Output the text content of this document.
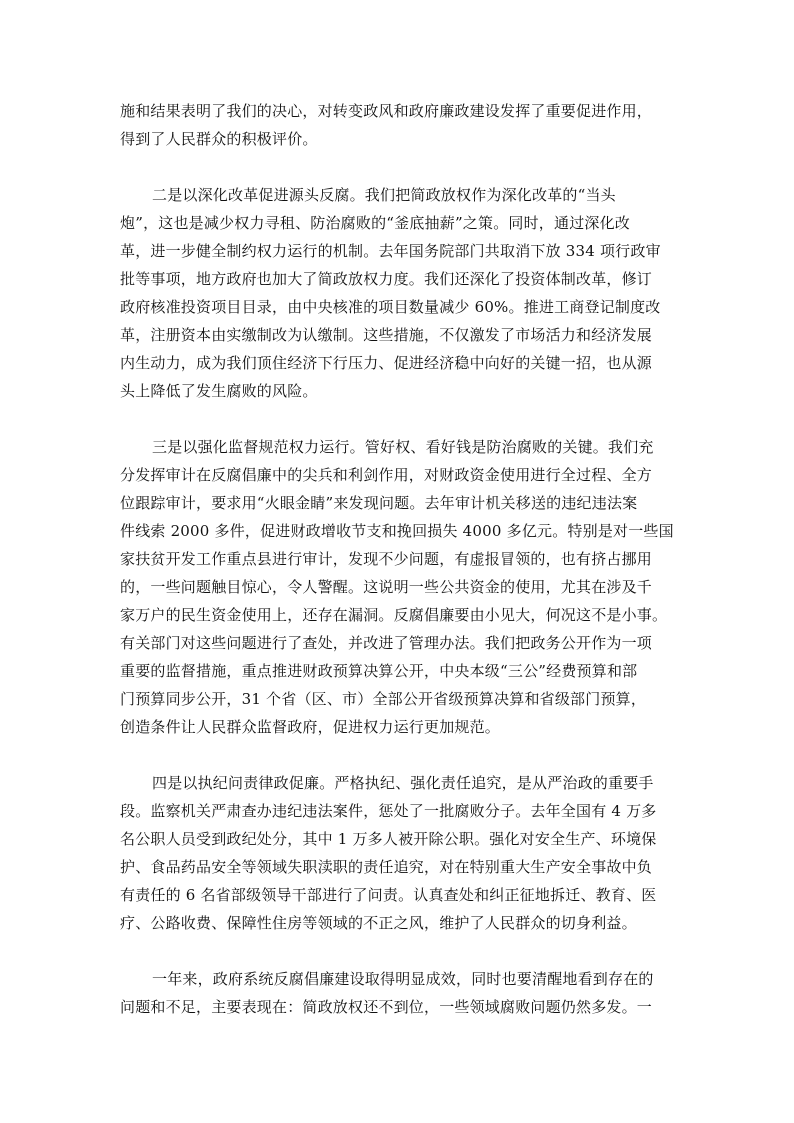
施和结果表明了我们的决心，对转变政风和政府廉政建设发挥了重要促进作用，
得到了人民群众的积极评价。
二是以深化改革促进源头反腐。我们把简政放权作为深化改革的“当头
炮”，这也是减少权力寻租、防治腐败的“釜底抽薪”之策。同时，通过深化改
革，进一步健全制约权力运行的机制。去年国务院部门共取消下放 334 项行政审
批等事项，地方政府也加大了简政放权力度。我们还深化了投资体制改革，修订
政府核准投资项目目录，由中央核准的项目数量减少 60%。推进工商登记制度改
革，注册资本由实缴制改为认缴制。这些措施，不仅激发了市场活力和经济发展
内生动力，成为我们顶住经济下行压力、促进经济稳中向好的关键一招，也从源
头上降低了发生腐败的风险。
三是以强化监督规范权力运行。管好权、看好钱是防治腐败的关键。我们充
分发挥审计在反腐倡廉中的尖兵和利剑作用，对财政资金使用进行全过程、全方
位跟踪审计，要求用“火眼金睛”来发现问题。去年审计机关移送的违纪违法案
件线索 2000 多件，促进财政增收节支和挽回损失 4000 多亿元。特别是对一些国
家扶贫开发工作重点县进行审计，发现不少问题，有虚报冒领的，也有挤占挪用
的，一些问题触目惊心，令人警醒。这说明一些公共资金的使用，尤其在涉及千
家万户的民生资金使用上，还存在漏洞。反腐倡廉要由小见大，何况这不是小事。
有关部门对这些问题进行了查处，并改进了管理办法。我们把政务公开作为一项
重要的监督措施，重点推进财政预算决算公开，中央本级“三公”经费预算和部
门预算同步公开，31 个省（区、市）全部公开省级预算决算和省级部门预算，
创造条件让人民群众监督政府，促进权力运行更加规范。
四是以执纪问责律政促廉。严格执纪、强化责任追究，是从严治政的重要手
段。监察机关严肃查办违纪违法案件，惩处了一批腐败分子。去年全国有 4 万多
名公职人员受到政纪处分，其中 1 万多人被开除公职。强化对安全生产、环境保
护、食品药品安全等领域失职渎职的责任追究，对在特别重大生产安全事故中负
有责任的 6 名省部级领导干部进行了问责。认真查处和纠正征地拆迁、教育、医
疗、公路收费、保障性住房等领域的不正之风，维护了人民群众的切身利益。
一年来，政府系统反腐倡廉建设取得明显成效，同时也要清醒地看到存在的
问题和不足，主要表现在：简政放权还不到位，一些领域腐败问题仍然多发。一
